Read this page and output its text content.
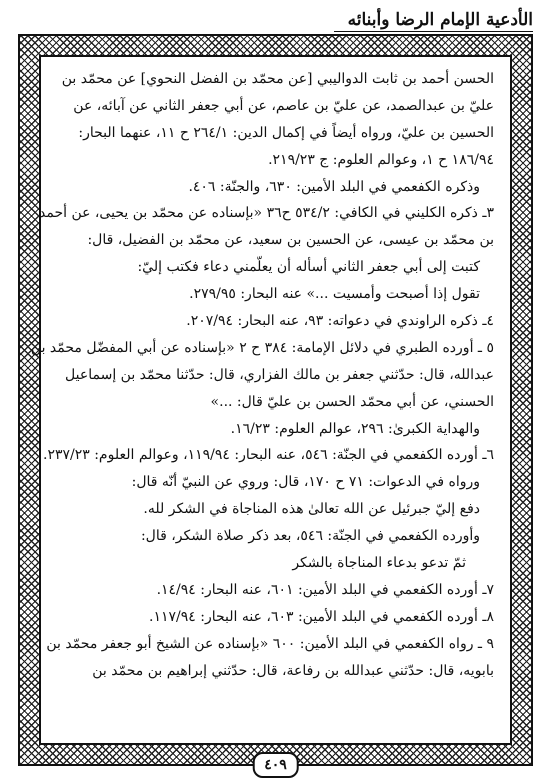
الأدعية الإمام الرضا وأبنائه
الحسن أحمد بن ثابت الدواليبي [عن محمّد بن الفضل النحوي] عن محمّد بن
عليّ بن عبدالصمد، عن عليّ بن عاصم، عن أبي جعفر الثاني عن آبائه، عن
الحسين بن عليّ، ورواه أيضاً في إكمال الدين: ٢٦٤/١ ح ١١، عنهما البحار:
١٨٦/٩٤ ح ١، وعوالم العلوم: ج ٢١٩/٢٣.
وذكره الكفعمي في البلد الأمين: ٦٣٠، والجنّة: ٤٠٦.
٣ـ ذكره الكليني في الكافي: ٥٣٤/٢ ح٣٦ «بإسناده عن محمّد بن يحيى، عن أحمد
بن محمّد بن عيسى، عن الحسين بن سعيد، عن محمّد بن الفضيل، قال:
كتبت إلى أبي جعفر الثاني أسأله أن يعلّمني دعاء فكتب إليّ:
تقول إذا أصبحت وأمسيت ...» عنه البحار: ٢٧٩/٩٥.
٤ـ ذكره الراوندي في دعواته: ٩٣، عنه البحار: ٢٠٧/٩٤.
٥ ـ أورده الطبري في دلائل الإمامة: ٣٨٤ ح ٢ «بإسناده عن أبي المفضّل محمّد بن
عبدالله، قال: حدّثني جعفر بن مالك الفزاري، قال: حدّثنا محمّد بن إسماعيل
الحسني، عن أبي محمّد الحسن بن عليّ قال: ...»
والهداية الكبرىٰ: ٢٩٦، عوالم العلوم: ١٦/٢٣.
٦ـ أورده الكفعمي في الجنّة: ٥٤٦، عنه البحار: ١١٩/٩٤، وعوالم العلوم: ٢٣٧/٢٣.
ورواه في الدعوات: ٧١ ح ١٧٠، قال: وروي عن النبيّ أنّه قال:
دفع إليّ جبرئيل عن الله تعالىٰ هذه المناجاة في الشكر لله.
وأورده الكفعمي في الجنّة: ٥٤٦، بعد ذكر صلاة الشكر، قال:
ثمّ تدعو بدعاء المناجاة بالشكر
٧ـ أورده الكفعمي في البلد الأمين: ٦٠١، عنه البحار: ١٤/٩٤.
٨ـ أورده الكفعمي في البلد الأمين: ٦٠٣، عنه البحار: ١١٧/٩٤.
٩ ـ رواه الكفعمي في البلد الأمين: ٦٠٠ «بإسناده عن الشيخ أبو جعفر محمّد بن
بابويه، قال: حدّثني عبدالله بن رفاعة، قال: حدّثني إبراهيم بن محمّد بن
٤٠٩
